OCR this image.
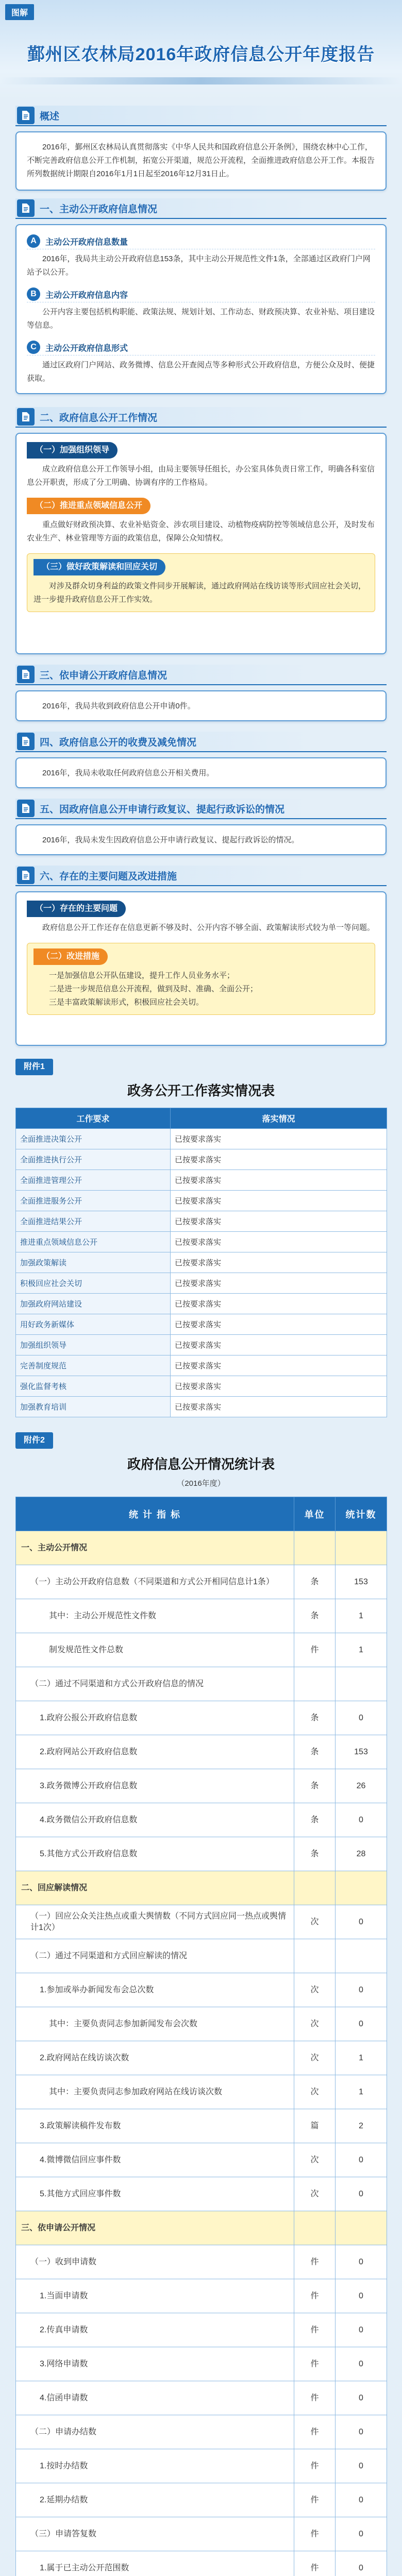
图解
鄞州区农林局2016年政府信息公开年度报告
概述

2016年，鄞州区农林局认真贯彻落实《中华人民共和国政府信息公开条例》，围绕农林中心工作，不断完善政府信息公开工作机制，拓宽公开渠道，规范公开流程，全面推进政府信息公开工作。本报告所列数据统计期限自2016年1月1日起至2016年12月31日止。

一、主动公开政府信息情况
A	主动公开政府信息数量

2016年，我局共主动公开政府信息153条，其中主动公开规范性文件1条，全部通过区政府门户网站予以公开。

B	主动公开政府信息内容

公开内容主要包括机构职能、政策法规、规划计划、工作动态、财政预决算、农业补贴、项目建设等信息。

C	主动公开政府信息形式

通过区政府门户网站、政务微博、信息公开查阅点等多种形式公开政府信息，方便公众及时、便捷获取。

二、政府信息公开工作情况
（一）加强组织领导

成立政府信息公开工作领导小组，由局主要领导任组长，办公室具体负责日常工作，明确各科室信息公开职责，形成了分工明确、协调有序的工作格局。

（二）推进重点领域信息公开

重点做好财政预决算、农业补贴资金、涉农项目建设、动植物疫病防控等领域信息公开，及时发布农业生产、林业管理等方面的政策信息，保障公众知情权。

（三）做好政策解读和回应关切

对涉及群众切身利益的政策文件同步开展解读，通过政府网站在线访谈等形式回应社会关切，进一步提升政府信息公开工作实效。

三、依申请公开政府信息情况

2016年，我局共收到政府信息公开申请0件。

四、政府信息公开的收费及减免情况

2016年，我局未收取任何政府信息公开相关费用。

五、因政府信息公开申请行政复议、提起行政诉讼的情况

2016年，我局未发生因政府信息公开申请行政复议、提起行政诉讼的情况。

六、存在的主要问题及改进措施
（一）存在的主要问题

政府信息公开工作还存在信息更新不够及时、公开内容不够全面、政策解读形式较为单一等问题。

（二）改进措施

一是加强信息公开队伍建设，提升工作人员业务水平；

二是进一步规范信息公开流程，做到及时、准确、全面公开；

三是丰富政策解读形式，积极回应社会关切。

附件1
政务公开工作落实情况表
工作要求	落实情况
全面推进决策公开	已按要求落实
全面推进执行公开	已按要求落实
全面推进管理公开	已按要求落实
全面推进服务公开	已按要求落实
全面推进结果公开	已按要求落实
推进重点领域信息公开	已按要求落实
加强政策解读	已按要求落实
积极回应社会关切	已按要求落实
加强政府网站建设	已按要求落实
用好政务新媒体	已按要求落实
加强组织领导	已按要求落实
完善制度规范	已按要求落实
强化监督考核	已按要求落实
加强教育培训	已按要求落实
附件2
政府信息公开情况统计表
（2016年度）
统 计 指 标	单位	统计数
一、主动公开情况		
（一）主动公开政府信息数（不同渠道和方式公开相同信息计1条）	条	153
其中：主动公开规范性文件数	条	1
制发规范性文件总数	件	1
（二）通过不同渠道和方式公开政府信息的情况		
1.政府公报公开政府信息数	条	0
2.政府网站公开政府信息数	条	153
3.政务微博公开政府信息数	条	26
4.政务微信公开政府信息数	条	0
5.其他方式公开政府信息数	条	28
二、回应解读情况		
（一）回应公众关注热点或重大舆情数（不同方式回应同一热点或舆情计1次）	次	0
（二）通过不同渠道和方式回应解读的情况		
1.参加或举办新闻发布会总次数	次	0
其中：主要负责同志参加新闻发布会次数	次	0
2.政府网站在线访谈次数	次	1
其中：主要负责同志参加政府网站在线访谈次数	次	1
3.政策解读稿件发布数	篇	2
4.微博微信回应事件数	次	0
5.其他方式回应事件数	次	0
三、依申请公开情况		
（一）收到申请数	件	0
1.当面申请数	件	0
2.传真申请数	件	0
3.网络申请数	件	0
4.信函申请数	件	0
（二）申请办结数	件	0
1.按时办结数	件	0
2.延期办结数	件	0
（三）申请答复数	件	0
1.属于已主动公开范围数	件	0
